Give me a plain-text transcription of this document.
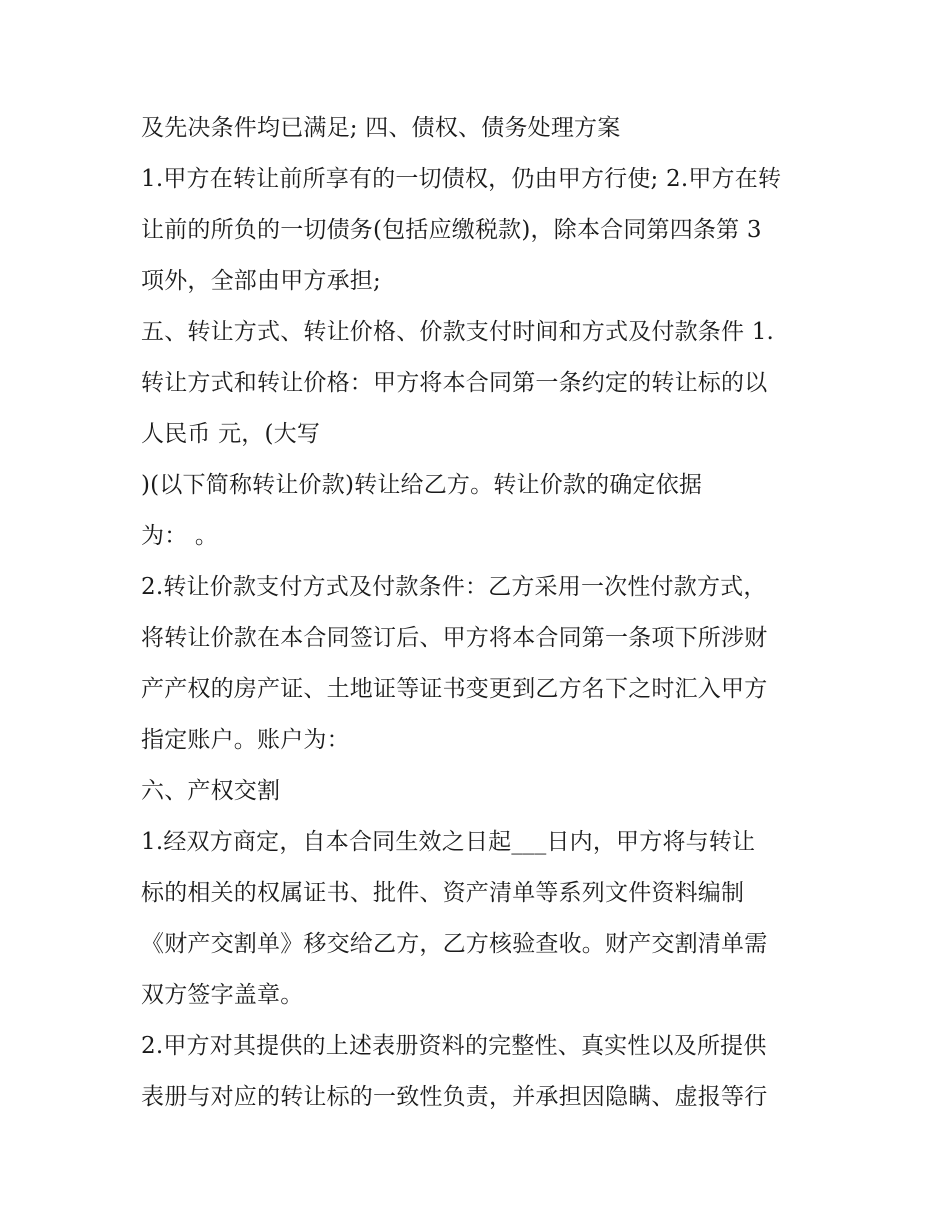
及先决条件均已满足; 四、债权、债务处理方案
1.甲方在转让前所享有的一切债权，仍由甲方行使; 2.甲方在转
让前的所负的一切债务(包括应缴税款)，除本合同第四条第 3
项外，全部由甲方承担;
五、转让方式、转让价格、价款支付时间和方式及付款条件 1.
转让方式和转让价格：甲方将本合同第一条约定的转让标的以
人民币 元，(大写
)(以下简称转让价款)转让给乙方。转让价款的确定依据
为： 。
2.转让价款支付方式及付款条件：乙方采用一次性付款方式，
将转让价款在本合同签订后、甲方将本合同第一条项下所涉财
产产权的房产证、土地证等证书变更到乙方名下之时汇入甲方
指定账户。账户为：
六、产权交割
1.经双方商定，自本合同生效之日起___日内，甲方将与转让
标的相关的权属证书、批件、资产清单等系列文件资料编制
《财产交割单》移交给乙方，乙方核验查收。财产交割清单需
双方签字盖章。
2.甲方对其提供的上述表册资料的完整性、真实性以及所提供
表册与对应的转让标的一致性负责，并承担因隐瞒、虚报等行
